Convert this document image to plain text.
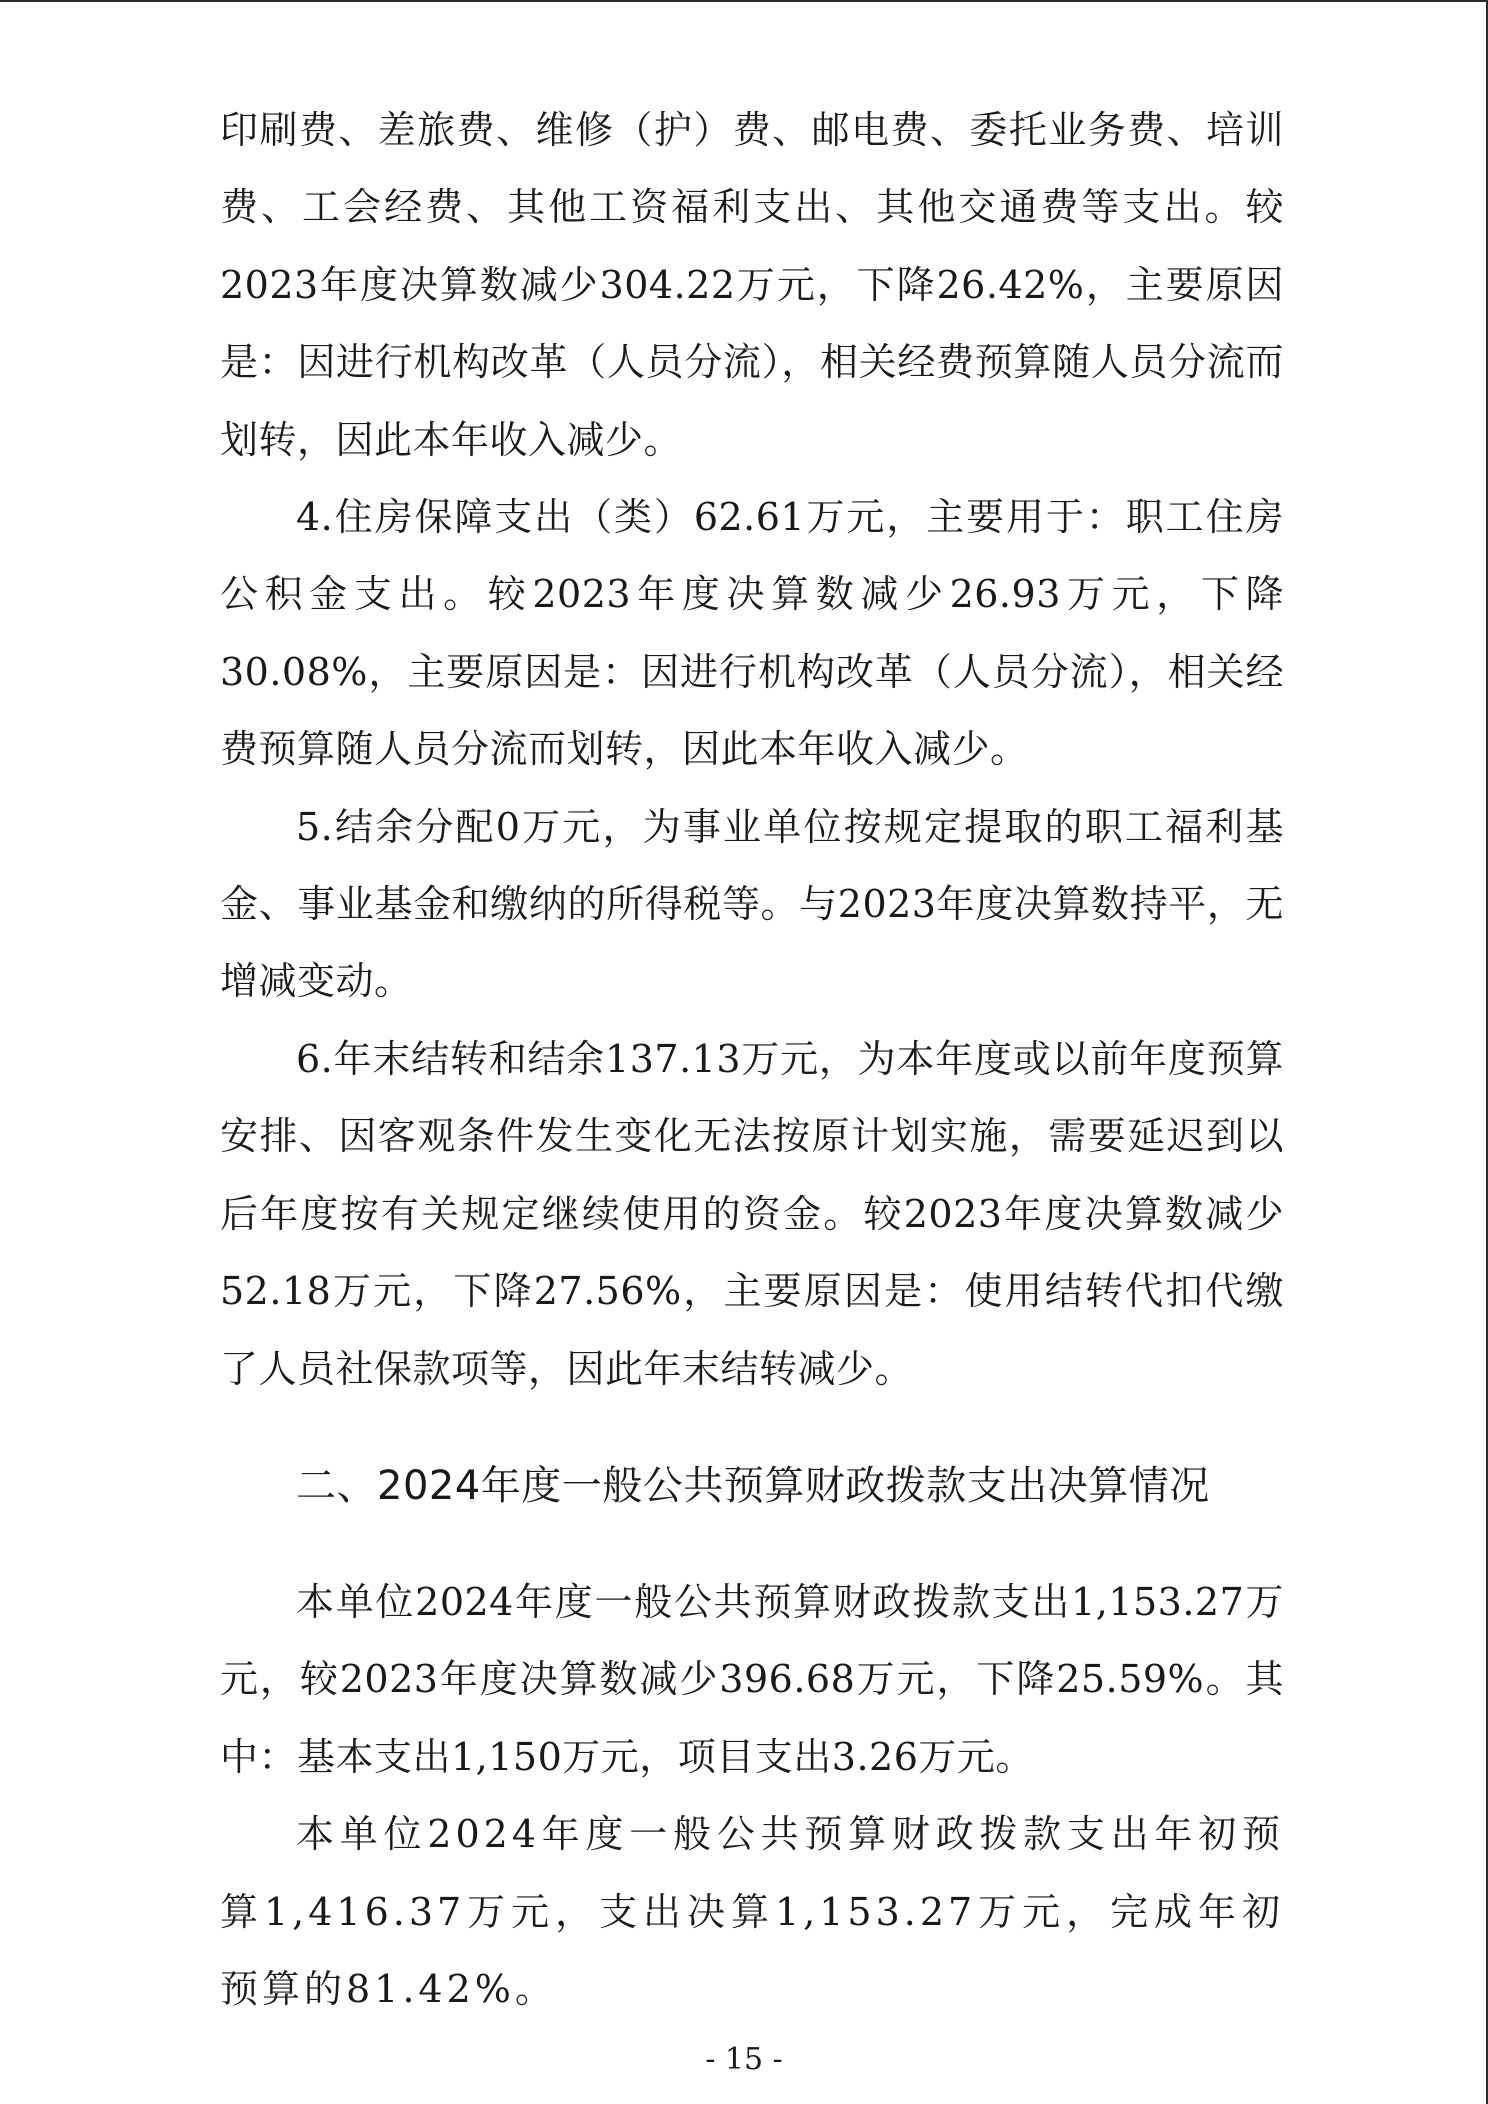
印刷费、差旅费、维修（护）费、邮电费、委托业务费、培训费、工会经费、其他工资福利支出、其他交通费等支出。较2023年度决算数减少304.22万元，下降26.42%，主要原因是：因进行机构改革（人员分流），相关经费预算随人员分流而划转，因此本年收入减少。

4.住房保障支出（类）62.61万元，主要用于：职工住房公积金支出。较2023年度决算数减少26.93万元，下降30.08%，主要原因是：因进行机构改革（人员分流），相关经费预算随人员分流而划转，因此本年收入减少。

5.结余分配0万元，为事业单位按规定提取的职工福利基金、事业基金和缴纳的所得税等。与2023年度决算数持平，无增减变动。

6.年末结转和结余137.13万元，为本年度或以前年度预算安排、因客观条件发生变化无法按原计划实施，需要延迟到以后年度按有关规定继续使用的资金。较2023年度决算数减少52.18万元，下降27.56%，主要原因是：使用结转代扣代缴了人员社保款项等，因此年末结转减少。

二、2024年度一般公共预算财政拨款支出决算情况

本单位2024年度一般公共预算财政拨款支出1,153.27万元，较2023年度决算数减少396.68万元，下降25.59%。其中：基本支出1,150万元，项目支出3.26万元。

本单位2024年度一般公共预算财政拨款支出年初预算1,416.37万元，支出决算1,153.27万元，完成年初预算的81.42%。

- 15 -
